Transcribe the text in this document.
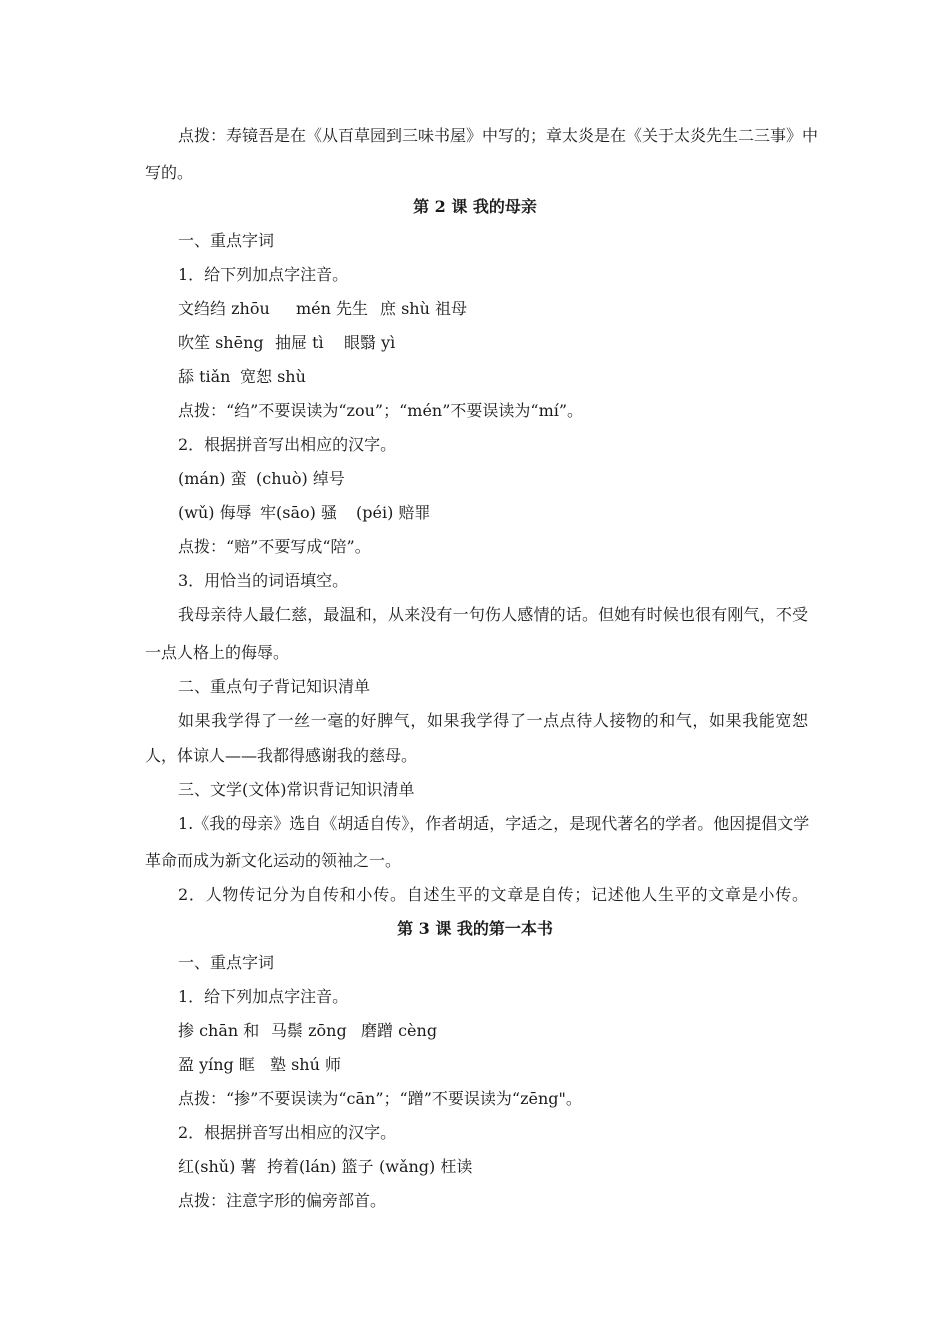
点拨：寿镜吾是在《从百草园到三味书屋》中写的；章太炎是在《关于太炎先生二三事》中
写的。
第 2 课 我的母亲
一、重点字词
1．给下列加点字注音。
文绉绉 zhōu mén 先生 庶 shù 祖母
吹笙 shēng 抽屉 tì 眼翳 yì
舔 tiǎn 宽恕 shù
点拨：“绉”不要误读为“zou”；“mén”不要误读为“mí”。
2．根据拼音写出相应的汉字。
(mán) 蛮 (chuò) 绰号
(wǔ) 侮辱 牢(sāo) 骚 (péi) 赔罪
点拨：“赔”不要写成“陪”。
3．用恰当的词语填空。
我母亲待人最仁慈，最温和，从来没有一句伤人感情的话。但她有时候也很有刚气，不受
一点人格上的侮辱。
二、重点句子背记知识清单
如果我学得了一丝一毫的好脾气，如果我学得了一点点待人接物的和气，如果我能宽恕
人，体谅人——我都得感谢我的慈母。
三、文学(文体)常识背记知识清单
1.《我的母亲》选自《胡适自传》，作者胡适，字适之，是现代著名的学者。他因提倡文学
革命而成为新文化运动的领袖之一。
2．人物传记分为自传和小传。自述生平的文章是自传；记述他人生平的文章是小传。
第 3 课 我的第一本书
一、重点字词
1．给下列加点字注音。
掺 chān 和 马鬃 zōng 磨蹭 cèng
盈 yíng 眶 塾 shú 师
点拨：“掺”不要误读为“cān”；“蹭”不要误读为“zēng"。
2．根据拼音写出相应的汉字。
红(shǔ) 薯 挎着(lán) 篮子 (wǎng) 枉读
点拨：注意字形的偏旁部首。
